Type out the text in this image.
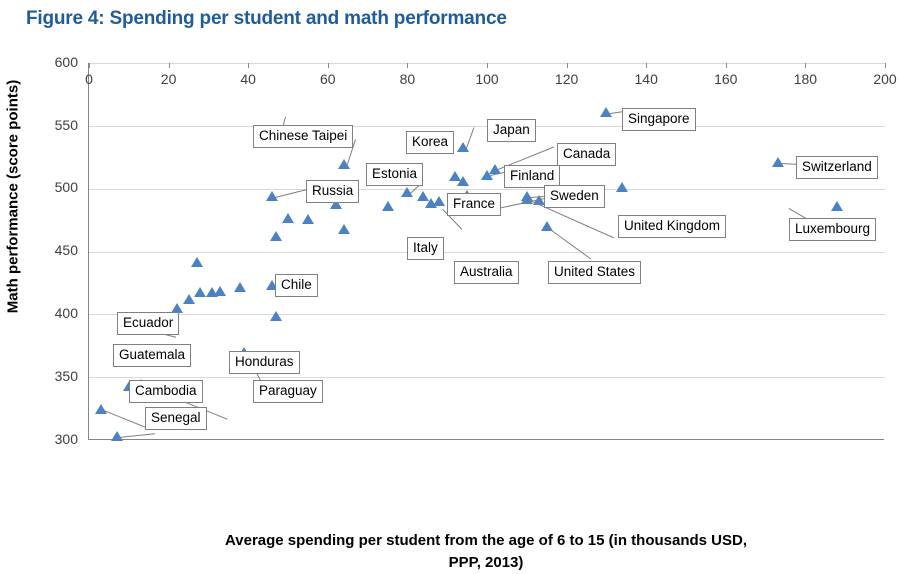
Figure 4: Spending per student and math performance
Math performance (score points)
600
550
500
450
400
350
300
Chinese Taipei	Korea
Japan
Singapore
Estonia
Canada
Finland
Switzerland
Russia
France
Sweden
United Kingdom	Luxembourg
Italy
Australia	United States
Chile
Ecuador
Guatemala	Honduras
Cambodia	Paraguay
Senegal
0	20	40	60	80	100	120	140	160	180	200
Average spending per student from the age of 6 to 15 (in thousands USD,
PPP, 2013)
